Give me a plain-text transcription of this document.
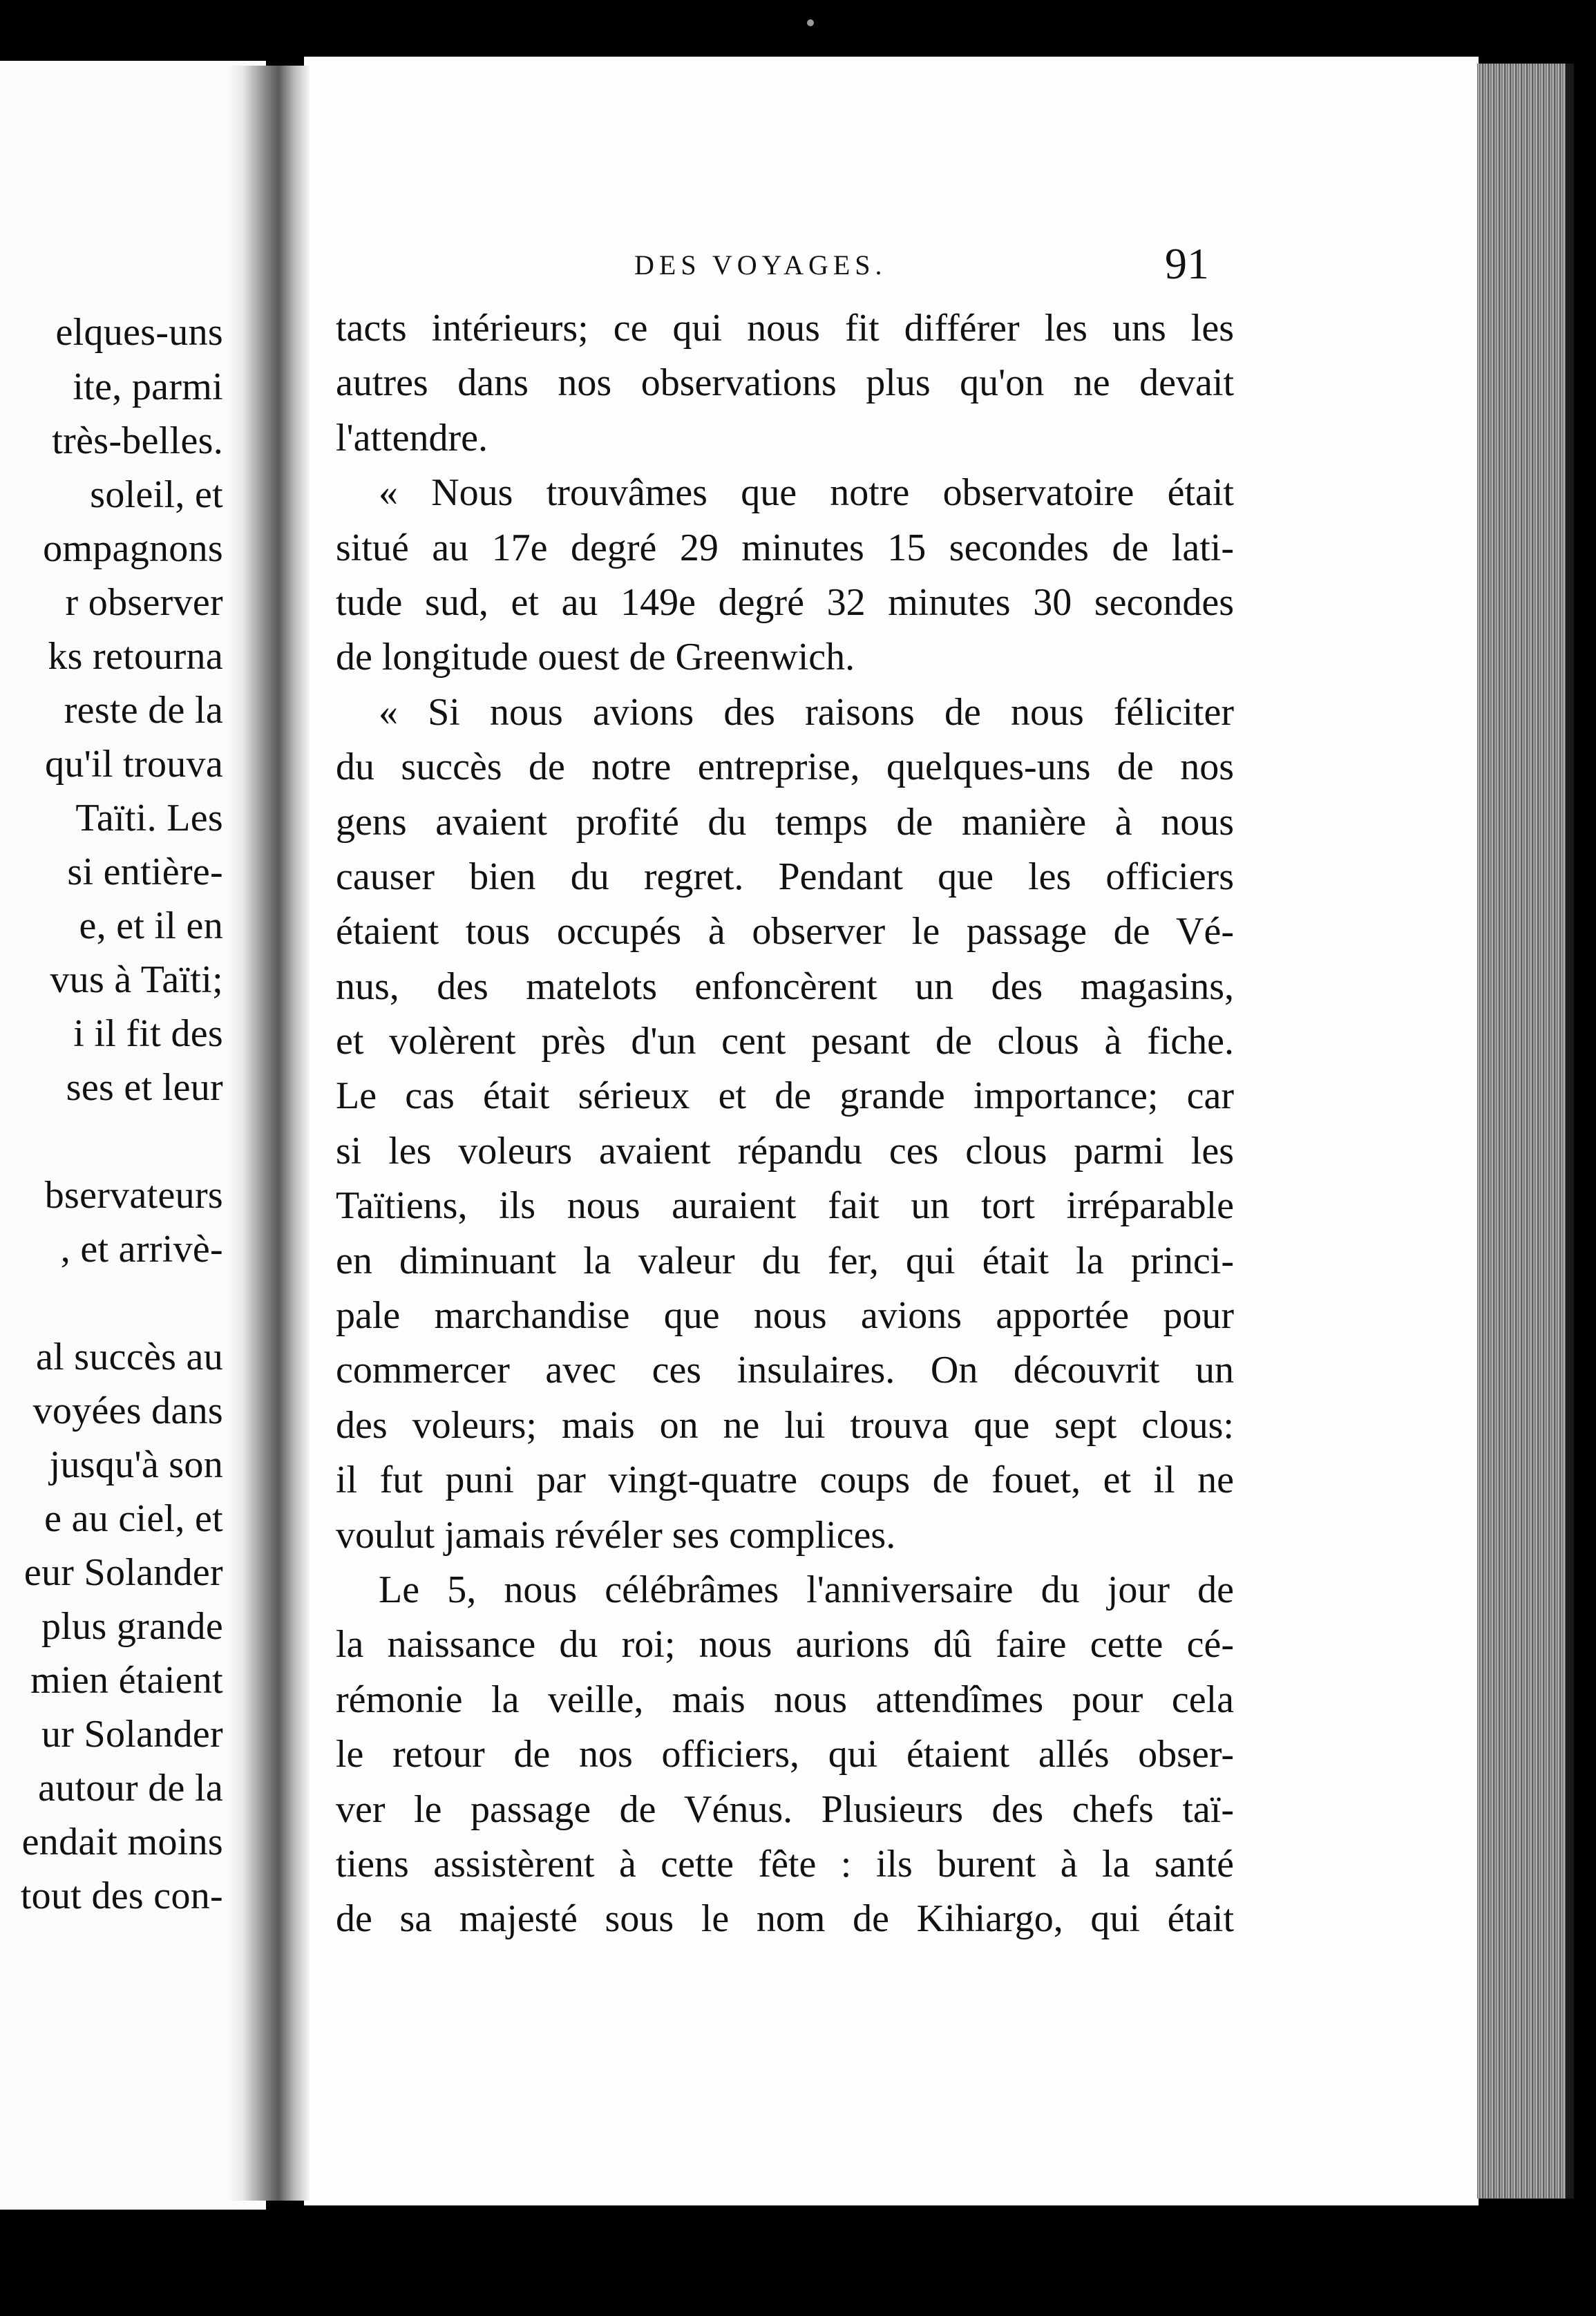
elques-uns
ite, parmi
très-belles.
soleil, et
ompagnons
r observer
ks retourna
reste de la
qu'il trouva
Taïti. Les
si entière-
e, et il en
vus à Taïti;
i il fit des
ses et leur
bservateurs
, et arrivè-
al succès au
voyées dans
jusqu'à son
e au ciel, et
eur Solander
plus grande
mien étaient
ur Solander
autour de la
endait moins
tout des con-
DES VOYAGES.	91
tacts intérieurs; ce qui nous fit différer les uns les
autres dans nos observations plus qu'on ne devait
l'attendre.
« Nous trouvâmes que notre observatoire était
situé au 17e degré 29 minutes 15 secondes de lati-
tude sud, et au 149e degré 32 minutes 30 secondes
de longitude ouest de Greenwich.
« Si nous avions des raisons de nous féliciter
du succès de notre entreprise, quelques-uns de nos
gens avaient profité du temps de manière à nous
causer bien du regret. Pendant que les officiers
étaient tous occupés à observer le passage de Vé-
nus, des matelots enfoncèrent un des magasins,
et volèrent près d'un cent pesant de clous à fiche.
Le cas était sérieux et de grande importance; car
si les voleurs avaient répandu ces clous parmi les
Taïtiens, ils nous auraient fait un tort irréparable
en diminuant la valeur du fer, qui était la princi-
pale marchandise que nous avions apportée pour
commercer avec ces insulaires. On découvrit un
des voleurs; mais on ne lui trouva que sept clous:
il fut puni par vingt-quatre coups de fouet, et il ne
voulut jamais révéler ses complices.
Le 5, nous célébrâmes l'anniversaire du jour de
la naissance du roi; nous aurions dû faire cette cé-
rémonie la veille, mais nous attendîmes pour cela
le retour de nos officiers, qui étaient allés obser-
ver le passage de Vénus. Plusieurs des chefs taï-
tiens assistèrent à cette fête : ils burent à la santé
de sa majesté sous le nom de Kihiargo, qui était
